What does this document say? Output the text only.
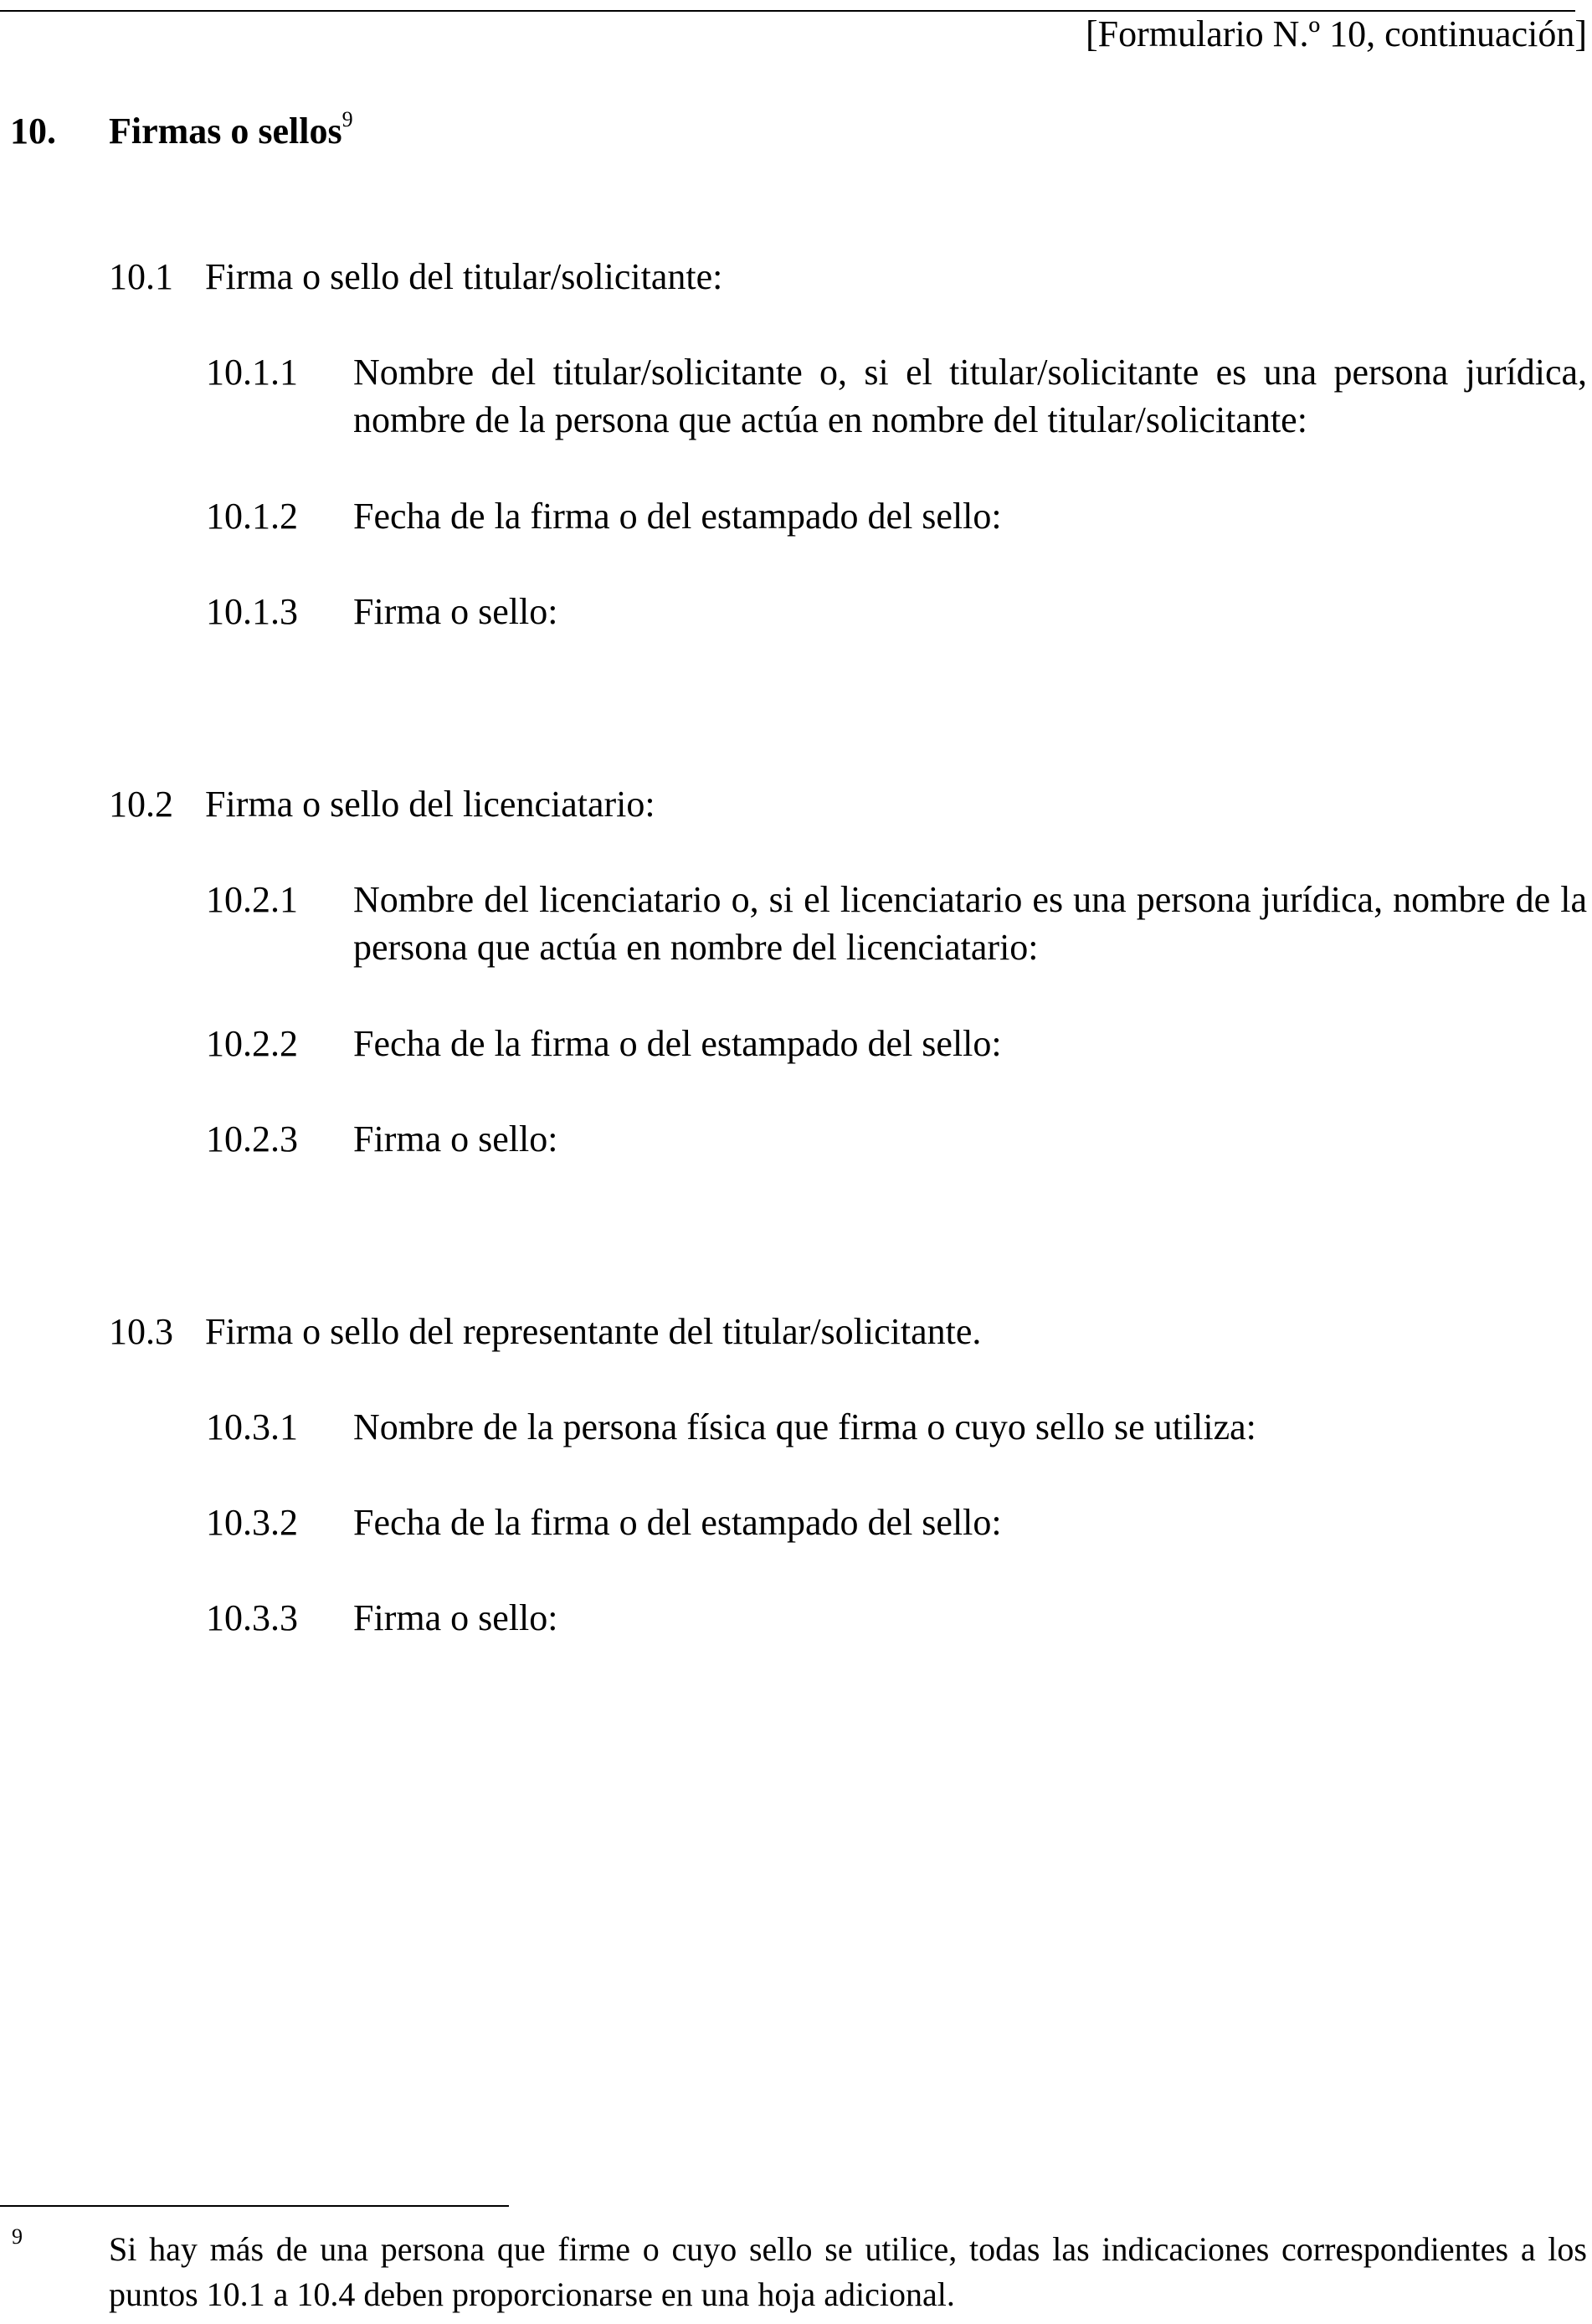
[Formulario N.º 10, continuación]
10. Firmas o sellos$^9$
10.1 Firma o sello del titular/solicitante:
10.1.1 Nombre del titular/solicitante o, si el titular/solicitante es una persona jurídica, nombre de la persona que actúa en nombre del titular/solicitante:
10.1.2 Fecha de la firma o del estampado del sello:
10.1.3 Firma o sello:
10.2 Firma o sello del licenciatario:
10.2.1 Nombre del licenciatario o, si el licenciatario es una persona jurídica, nombre de la persona que actúa en nombre del licenciatario:
10.2.2 Fecha de la firma o del estampado del sello:
10.2.3 Firma o sello:
10.3 Firma o sello del representante del titular/solicitante.
10.3.1 Nombre de la persona física que firma o cuyo sello se utiliza:
10.3.2 Fecha de la firma o del estampado del sello:
10.3.3 Firma o sello:
9	Si hay más de una persona que firme o cuyo sello se utilice, todas las indicaciones correspondientes a los puntos 10.1 a 10.4 deben proporcionarse en una hoja adicional.
